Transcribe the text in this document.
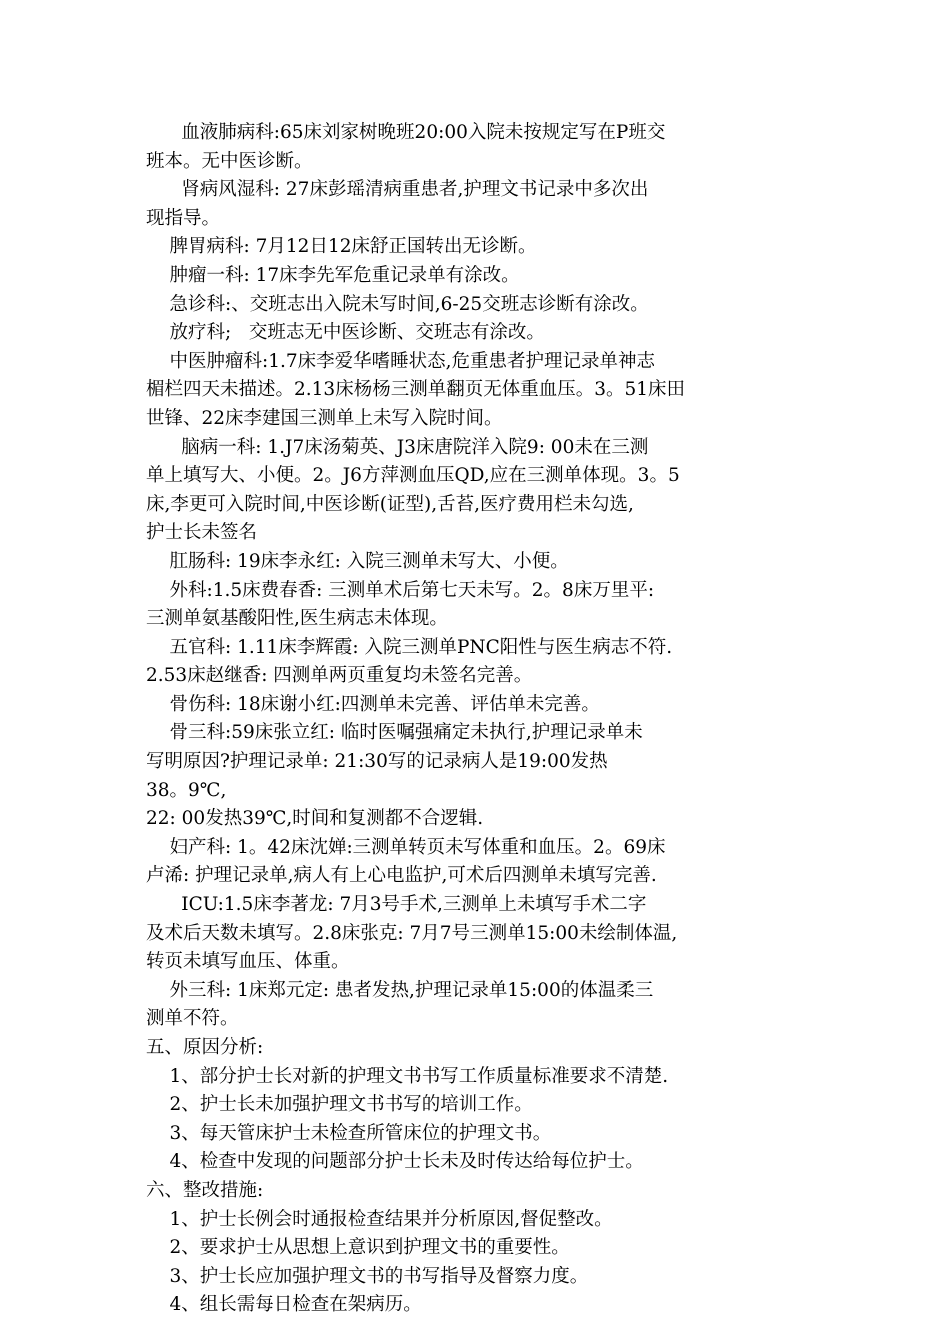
血液肺病科:65床刘家树晚班20:00入院未按规定写在P班交
班本。无中医诊断。
肾病风湿科: 27床彭瑶清病重患者,护理文书记录中多次出
现指导。
脾胃病科: 7月12日12床舒正国转出无诊断。
肿瘤一科: 17床李先军危重记录单有涂改。
急诊科:、交班志出入院未写时间,6-25交班志诊断有涂改。
放疗科;   交班志无中医诊断、交班志有涂改。
中医肿瘤科:1.7床李爱华嗜睡状态,危重患者护理记录单神志
楣栏四天未描述。2.13床杨杨三测单翻页无体重血压。3。51床田
世锋、22床李建国三测单上未写入院时间。
脑病一科: 1.J7床汤菊英、J3床唐院洋入院9: 00未在三测
单上填写大、小便。2。J6方萍测血压QD,应在三测单体现。3。5
床,李更可入院时间,中医诊断(证型),舌苔,医疗费用栏未勾选,
护士长未签名
肛肠科: 19床李永红: 入院三测单未写大、小便。
外科:1.5床费春香: 三测单术后第七天未写。2。8床万里平:
三测单氨基酸阳性,医生病志未体现。
五官科: 1.11床李辉霞: 入院三测单PNC阳性与医生病志不符.
2.53床赵继香: 四测单两页重复均未签名完善。
骨伤科: 18床谢小红:四测单未完善、评估单未完善。
骨三科:59床张立红: 临时医嘱强痛定未执行,护理记录单未
写明原因?护理记录单: 21:30写的记录病人是19:00发热
38。9℃,
22: 00发热39℃,时间和复测都不合逻辑.
妇产科: 1。42床沈婵:三测单转页未写体重和血压。2。69床
卢浠: 护理记录单,病人有上心电监护,可术后四测单未填写完善.
ICU:1.5床李著龙: 7月3号手术,三测单上未填写手术二字
及术后天数未填写。2.8床张克: 7月7号三测单15:00未绘制体温,
转页未填写血压、体重。
外三科: 1床郑元定: 患者发热,护理记录单15:00的体温柔三
测单不符。
五、原因分析:
1、部分护士长对新的护理文书书写工作质量标准要求不清楚.
2、护士长未加强护理文书书写的培训工作。
3、每天管床护士未检查所管床位的护理文书。
4、检查中发现的问题部分护士长未及时传达给每位护士。
六、整改措施:
1、护士长例会时通报检查结果并分析原因,督促整改。
2、要求护士从思想上意识到护理文书的重要性。
3、护士长应加强护理文书的书写指导及督察力度。
4、组长需每日检查在架病历。
